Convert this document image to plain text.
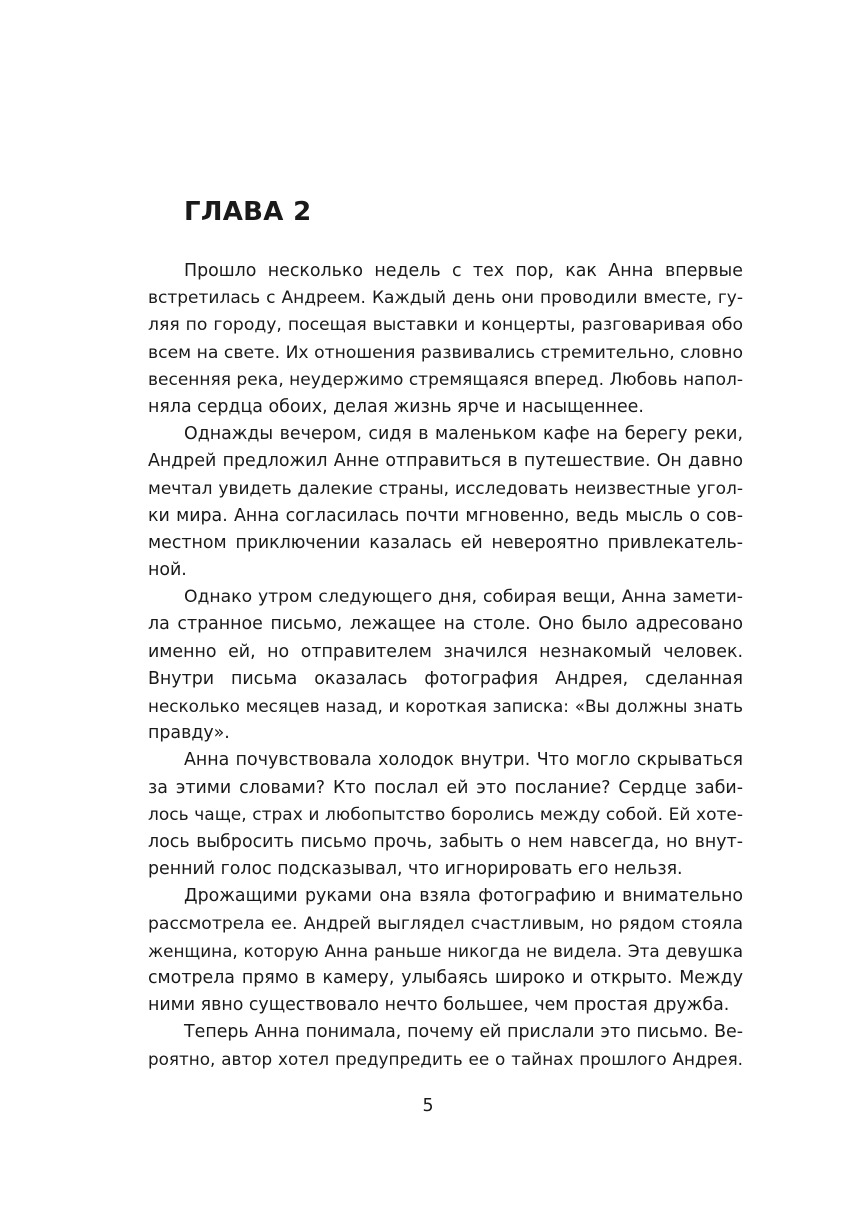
ГЛАВА 2
Прошло несколько недель с тех пор, как Анна впервые
встретилась с Андреем. Каждый день они проводили вместе, гу-
ляя по городу, посещая выставки и концерты, разговаривая обо
всем на свете. Их отношения развивались стремительно, словно
весенняя река, неудержимо стремящаяся вперед. Любовь напол-
няла сердца обоих, делая жизнь ярче и насыщеннее.
Однажды вечером, сидя в маленьком кафе на берегу реки,
Андрей предложил Анне отправиться в путешествие. Он давно
мечтал увидеть далекие страны, исследовать неизвестные угол-
ки мира. Анна согласилась почти мгновенно, ведь мысль о сов-
местном приключении казалась ей невероятно привлекатель-
ной.
Однако утром следующего дня, собирая вещи, Анна замети-
ла странное письмо, лежащее на столе. Оно было адресовано
именно ей, но отправителем значился незнакомый человек.
Внутри письма оказалась фотография Андрея, сделанная
несколько месяцев назад, и короткая записка: «Вы должны знать
правду».
Анна почувствовала холодок внутри. Что могло скрываться
за этими словами? Кто послал ей это послание? Сердце заби-
лось чаще, страх и любопытство боролись между собой. Ей хоте-
лось выбросить письмо прочь, забыть о нем навсегда, но внут-
ренний голос подсказывал, что игнорировать его нельзя.
Дрожащими руками она взяла фотографию и внимательно
рассмотрела ее. Андрей выглядел счастливым, но рядом стояла
женщина, которую Анна раньше никогда не видела. Эта девушка
смотрела прямо в камеру, улыбаясь широко и открыто. Между
ними явно существовало нечто большее, чем простая дружба.
Теперь Анна понимала, почему ей прислали это письмо. Ве-
роятно, автор хотел предупредить ее о тайнах прошлого Андрея.
5
